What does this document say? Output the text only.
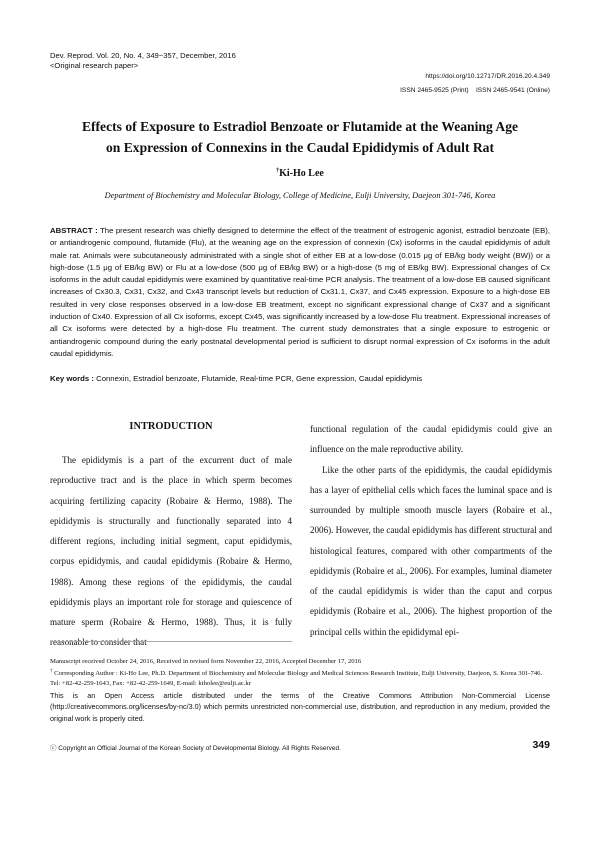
Dev. Reprod. Vol. 20, No. 4, 349~357, December, 2016
<Original research paper>
https://doi.org/10.12717/DR.2016.20.4.349
ISSN 2465-9525 (Print)    ISSN 2465-9541 (Online)
Effects of Exposure to Estradiol Benzoate or Flutamide at the Weaning Age
on Expression of Connexins in the Caudal Epididymis of Adult Rat
†Ki-Ho Lee
Department of Biochemistry and Molecular Biology, College of Medicine, Eulji University, Daejeon 301-746, Korea
ABSTRACT : The present research was chiefly designed to determine the effect of the treatment of estrogenic agonist, estradiol benzoate (EB), or antiandrogenic compound, flutamide (Flu), at the weaning age on the expression of connexin (Cx) isoforms in the caudal epididymis of adult male rat. Animals were subcutaneously administrated with a single shot of either EB at a low-dose (0.015 μg of EB/kg body weight (BW)) or a high-dose (1.5 μg of EB/kg BW) or Flu at a low-dose (500 μg of EB/kg BW) or a high-dose (5 mg of EB/kg BW). Expressional changes of Cx isoforms in the adult caudal epididymis were examined by quantitative real-time PCR analysis. The treatment of a low-dose EB caused significant increases of Cx30.3, Cx31, Cx32, and Cx43 transcript levels but reduction of Cx31.1, Cx37, and Cx45 expression. Exposure to a high-dose EB resulted in very close responses observed in a low-dose EB treatment, except no significant expressional change of Cx37 and a significant induction of Cx40. Expression of all Cx isoforms, except Cx45, was significantly increased by a low-dose Flu treatment. Expressional increases of all Cx isoforms were detected by a high-dose Flu treatment. The current study demonstrates that a single exposure to estrogenic or antiandrogenic compound during the early postnatal developmental period is sufficient to disrupt normal expression of Cx isoforms in the adult caudal epididymis.
Key words : Connexin, Estradiol benzoate, Flutamide, Real-time PCR, Gene expression, Caudal epididymis
INTRODUCTION

The epididymis is a part of the excurrent duct of male reproductive tract and is the place in which sperm becomes acquiring fertilizing capacity (Robaire & Hermo, 1988). The epididymis is structurally and functionally separated into 4 different regions, including initial segment, caput epididymis, corpus epididymis, and caudal epididymis (Robaire & Hermo, 1988). Among these regions of the epididymis, the caudal epididymis plays an important role for storage and quiescence of mature sperm (Robaire & Hermo, 1988). Thus, it is fully reasonable to consider that

functional regulation of the caudal epididymis could give an influence on the male reproductive ability.

Like the other parts of the epididymis, the caudal epididymis has a layer of epithelial cells which faces the luminal space and is surrounded by multiple smooth muscle layers (Robaire et al., 2006). However, the caudal epididymis has different structural and histological features, compared with other compartments of the epididymis (Robaire et al., 2006). For examples, luminal diameter of the caudal epididymis is wider than the caput and corpus epididymis (Robaire et al., 2006). The highest proportion of the principal cells within the epididymal epi-

Manuscript received October 24, 2016, Received in revised form November 22, 2016, Accepted December 17, 2016

† Corresponding Author : Ki-Ho Lee, Ph.D. Department of Biochemistry and Molecular Biology and Medical Sciences Research Institute, Eulji University, Daejeon, S. Korea 301-746. Tel: +82-42-259-1643, Fax: +82-42-259-1649, E-mail: kiholee@eulji.ac.kr

This is an Open Access article distributed under the terms of the Creative Commons Attribution Non-Commercial License (http://creativecommons.org/licenses/by-nc/3.0) which permits unrestricted non-commercial use, distribution, and reproduction in any medium, provided the original work is properly cited.
ⓒ Copyright an Official Journal of the Korean Society of Developmental Biology. All Rights Reserved.	349
